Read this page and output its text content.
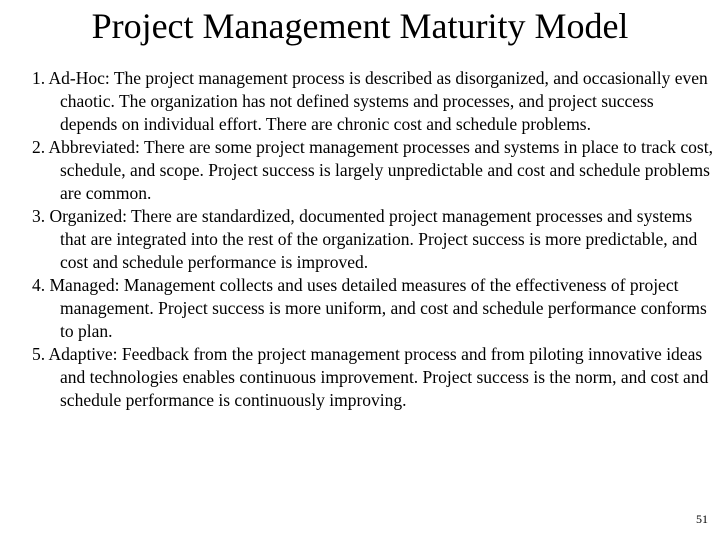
Project Management Maturity Model
1. Ad-Hoc: The project management process is described as disorganized, and occasionally even chaotic. The organization has not defined systems and processes, and project success depends on individual effort. There are chronic cost and schedule problems.
2. Abbreviated: There are some project management processes and systems in place to track cost, schedule, and scope. Project success is largely unpredictable and cost and schedule problems are common.
3. Organized: There are standardized, documented project management processes and systems that are integrated into the rest of the organization. Project success is more predictable, and cost and schedule performance is improved.
4. Managed: Management collects and uses detailed measures of the effectiveness of project management. Project success is more uniform, and cost and schedule performance conforms to plan.
5. Adaptive: Feedback from the project management process and from piloting innovative ideas and technologies enables continuous improvement. Project success is the norm, and cost and schedule performance is continuously improving.
51
